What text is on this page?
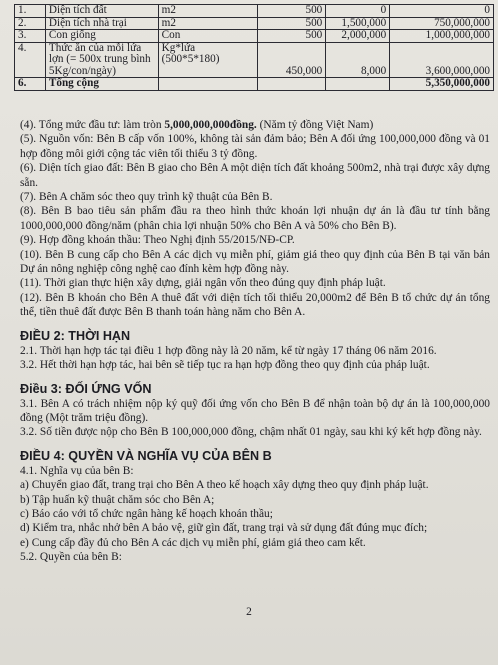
1.	Diện tích đất	m2	500	0	0
2.	Diện tích nhà trại	m2	500	1,500,000	750,000,000
3.	Con giống	Con	500	2,000,000	1,000,000,000
4.	Thức ăn của mỗi lứa lợn (= 500x trung bình 5Kg/con/ngày)	Kg*lứa (500*5*180)	450,000	8,000	3,600,000,000
6.	Tổng cộng				5,350,000,000

(4). Tổng mức đầu tư: làm tròn 5,000,000,000đồng. (Năm tỷ đồng Việt Nam)

(5). Nguồn vốn: Bên B cấp vốn 100%, không tài sản đảm bảo; Bên A đối ứng 100,000,000 đồng và 01 hợp đồng môi giới cộng tác viên tối thiểu 3 tỷ đồng.

(6). Diện tích giao đất: Bên B giao cho Bên A một diện tích đất khoảng 500m2, nhà trại được xây dựng sẵn.

(7). Bên A chăm sóc theo quy trình kỹ thuật của Bên B.

(8). Bên B bao tiêu sản phẩm đầu ra theo hình thức khoán lợi nhuận dự án là đầu tư tính bằng 1000,000,000 đồng/năm (phân chia lợi nhuận 50% cho Bên A và 50% cho Bên B).

(9). Hợp đồng khoán thầu: Theo Nghị định 55/2015/NĐ-CP.

(10). Bên B cung cấp cho Bên A các dịch vụ miễn phí, giảm giá theo quy định của Bên B tại văn bản Dự án nông nghiệp công nghệ cao đính kèm hợp đồng này.

(11). Thời gian thực hiện xây dựng, giải ngân vốn theo đúng quy định pháp luật.

(12). Bên B khoán cho Bên A thuê đất với diện tích tối thiểu 20,000m2 để Bên B tổ chức dự án tổng thể, tiền thuê đất được Bên B thanh toán hàng năm cho Bên A.

ĐIỀU 2: THỜI HẠN

2.1. Thời hạn hợp tác tại điều 1 hợp đồng này là 20 năm, kể từ ngày 17 tháng 06 năm 2016.

3.2. Hết thời hạn hợp tác, hai bên sẽ tiếp tục ra hạn hợp đồng theo quy định của pháp luật.

Điều 3: ĐỐI ỨNG VỐN

3.1. Bên A có trách nhiệm nộp ký quỹ đối ứng vốn cho Bên B để nhận toàn bộ dự án là 100,000,000 đồng (Một trăm triệu đồng).

3.2. Số tiền được nộp cho Bên B 100,000,000 đồng, chậm nhất 01 ngày, sau khi ký kết hợp đồng này.

ĐIỀU 4: QUYỀN VÀ NGHĨA VỤ CỦA BÊN B

4.1. Nghĩa vụ của bên B:

a) Chuyển giao đất, trang trại cho Bên A theo kế hoạch xây dựng theo quy định pháp luật.

b) Tập huấn kỹ thuật chăm sóc cho Bên A;

c) Báo cáo với tổ chức ngân hàng kế hoạch khoán thầu;

d) Kiểm tra, nhắc nhở bên A bảo vệ, giữ gìn đất, trang trại và sử dụng đất đúng mục đích;

e) Cung cấp đầy đủ cho Bên A các dịch vụ miễn phí, giảm giá theo cam kết.

5.2. Quyền của bên B:

2
